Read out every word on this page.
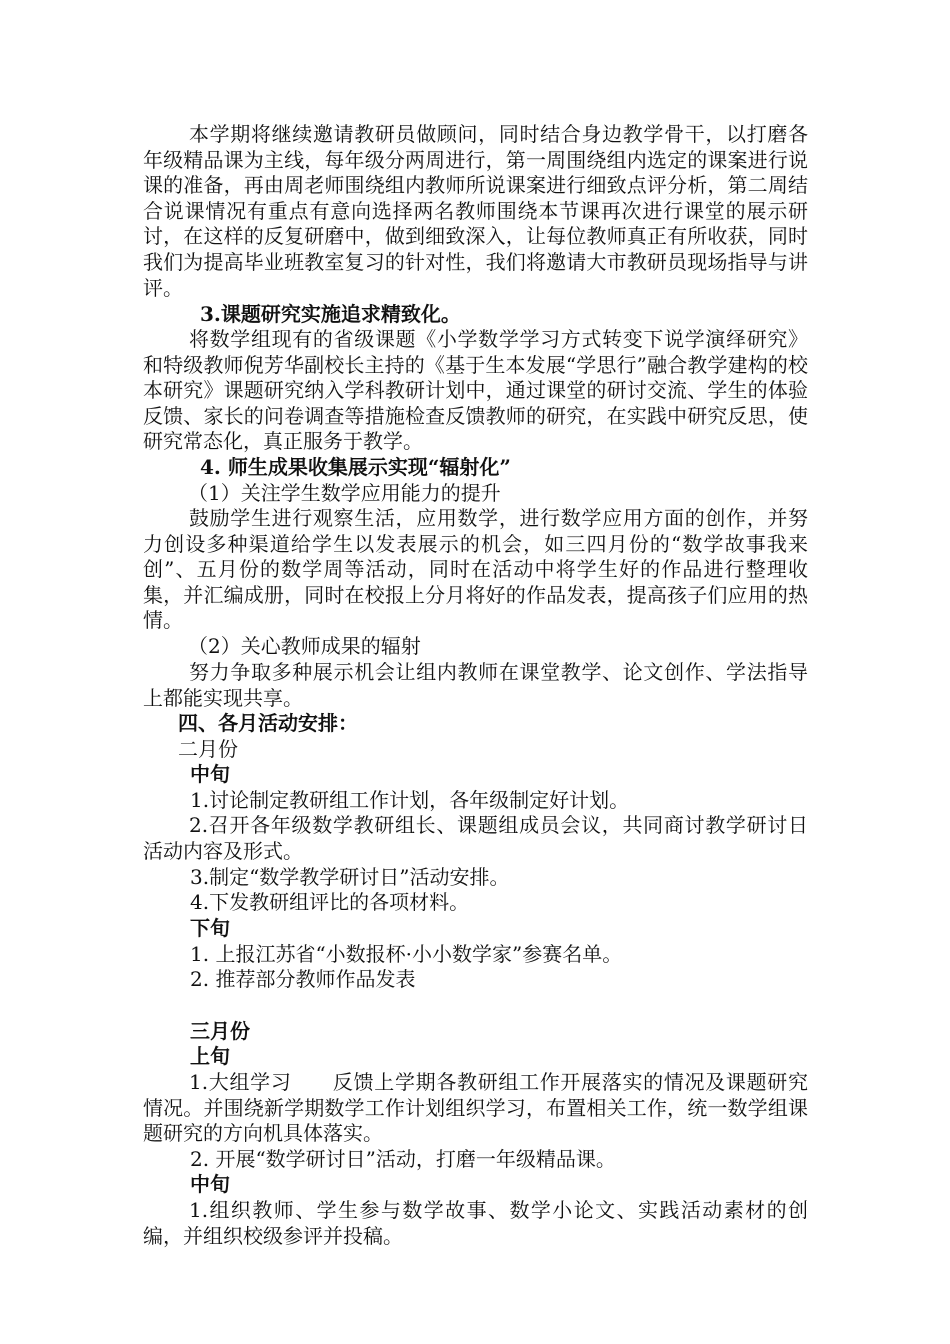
本学期将继续邀请教研员做顾问，同时结合身边教学骨干，以打磨各年级精品课为主线，每年级分两周进行，第一周围绕组内选定的课案进行说课的准备，再由周老师围绕组内教师所说课案进行细致点评分析，第二周结合说课情况有重点有意向选择两名教师围绕本节课再次进行课堂的展示研讨，在这样的反复研磨中，做到细致深入，让每位教师真正有所收获，同时我们为提高毕业班教室复习的针对性，我们将邀请大市教研员现场指导与讲评。

3.课题研究实施追求精致化。

将数学组现有的省级课题《小学数学学习方式转变下说学演绎研究》和特级教师倪芳华副校长主持的《基于生本发展“学思行”融合教学建构的校本研究》课题研究纳入学科教研计划中，通过课堂的研讨交流、学生的体验反馈、家长的问卷调查等措施检查反馈教师的研究，在实践中研究反思，使研究常态化，真正服务于教学。

4. 师生成果收集展示实现“辐射化”

（1）关注学生数学应用能力的提升

鼓励学生进行观察生活，应用数学，进行数学应用方面的创作，并努力创设多种渠道给学生以发表展示的机会，如三四月份的“数学故事我来创”、五月份的数学周等活动，同时在活动中将学生好的作品进行整理收集，并汇编成册，同时在校报上分月将好的作品发表，提高孩子们应用的热情。

（2）关心教师成果的辐射

努力争取多种展示机会让组内教师在课堂教学、论文创作、学法指导上都能实现共享。

四、各月活动安排：

二月份

中旬

1.讨论制定教研组工作计划，各年级制定好计划。

2.召开各年级数学教研组长、课题组成员会议，共同商讨教学研讨日活动内容及形式。

3.制定“数学教学研讨日”活动安排。

4.下发教研组评比的各项材料。

下旬

1. 上报江苏省“小数报杯·小小数学家”参赛名单。

2. 推荐部分教师作品发表

三月份

上旬

1.大组学习　　反馈上学期各教研组工作开展落实的情况及课题研究情况。并围绕新学期数学工作计划组织学习，布置相关工作，统一数学组课题研究的方向机具体落实。

2. 开展“数学研讨日”活动，打磨一年级精品课。

中旬

1.组织教师、学生参与数学故事、数学小论文、实践活动素材的创编，并组织校级参评并投稿。
